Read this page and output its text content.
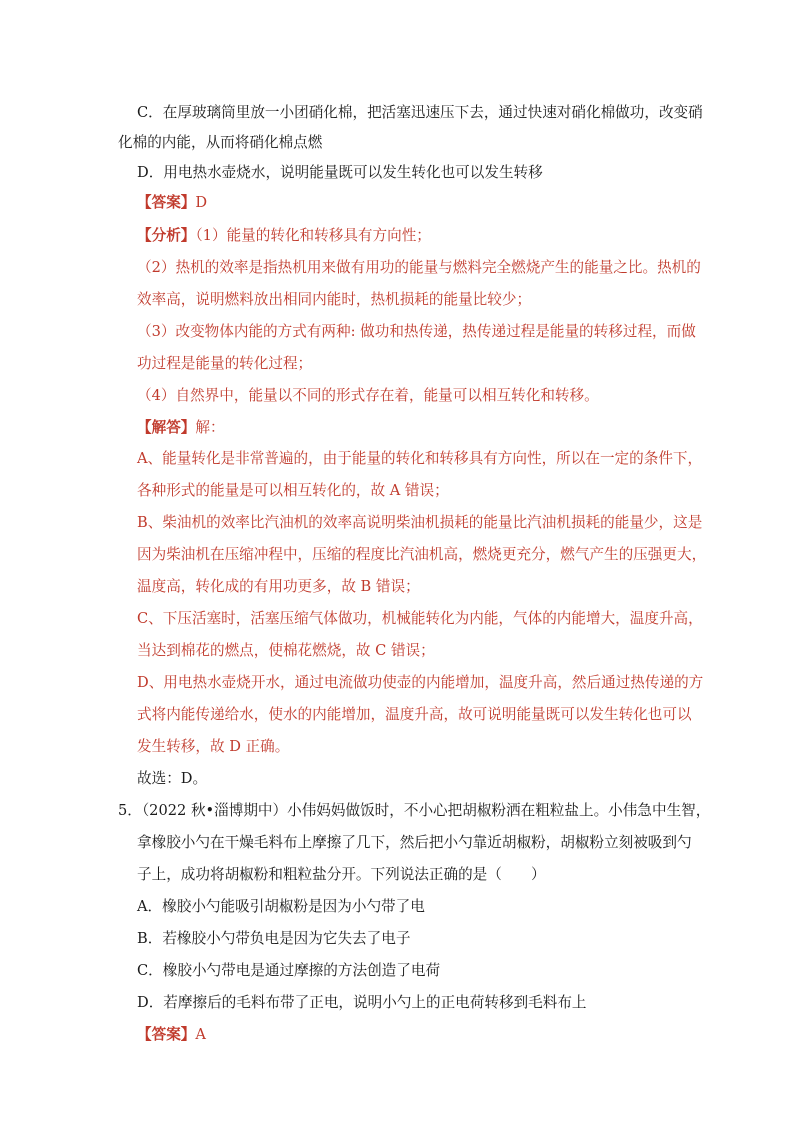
C．在厚玻璃筒里放一小团硝化棉，把活塞迅速压下去，通过快速对硝化棉做功，改变硝
化棉的内能，从而将硝化棉点燃
D．用电热水壶烧水，说明能量既可以发生转化也可以发生转移
【答案】D
【分析】（1）能量的转化和转移具有方向性；
（2）热机的效率是指热机用来做有用功的能量与燃料完全燃烧产生的能量之比。热机的
效率高，说明燃料放出相同内能时，热机损耗的能量比较少；
（3）改变物体内能的方式有两种: 做功和热传递，热传递过程是能量的转移过程，而做
功过程是能量的转化过程；
（4）自然界中，能量以不同的形式存在着，能量可以相互转化和转移。
【解答】解：
A、能量转化是非常普遍的，由于能量的转化和转移具有方向性，所以在一定的条件下，
各种形式的能量是可以相互转化的，故 A 错误；
B、柴油机的效率比汽油机的效率高说明柴油机损耗的能量比汽油机损耗的能量少，这是
因为柴油机在压缩冲程中，压缩的程度比汽油机高，燃烧更充分，燃气产生的压强更大，
温度高，转化成的有用功更多，故 B 错误；
C、下压活塞时，活塞压缩气体做功，机械能转化为内能，气体的内能增大，温度升高，
当达到棉花的燃点，使棉花燃烧，故 C 错误；
D、用电热水壶烧开水，通过电流做功使壶的内能增加，温度升高，然后通过热传递的方
式将内能传递给水，使水的内能增加，温度升高，故可说明能量既可以发生转化也可以
发生转移，故 D 正确。
故选：D。
5．（2022 秋•淄博期中）小伟妈妈做饭时，不小心把胡椒粉洒在粗粒盐上。小伟急中生智，
拿橡胶小勺在干燥毛料布上摩擦了几下，然后把小勺靠近胡椒粉，胡椒粉立刻被吸到勺
子上，成功将胡椒粉和粗粒盐分开。下列说法正确的是（　　）
A．橡胶小勺能吸引胡椒粉是因为小勺带了电
B．若橡胶小勺带负电是因为它失去了电子
C．橡胶小勺带电是通过摩擦的方法创造了电荷
D．若摩擦后的毛料布带了正电，说明小勺上的正电荷转移到毛料布上
【答案】A
